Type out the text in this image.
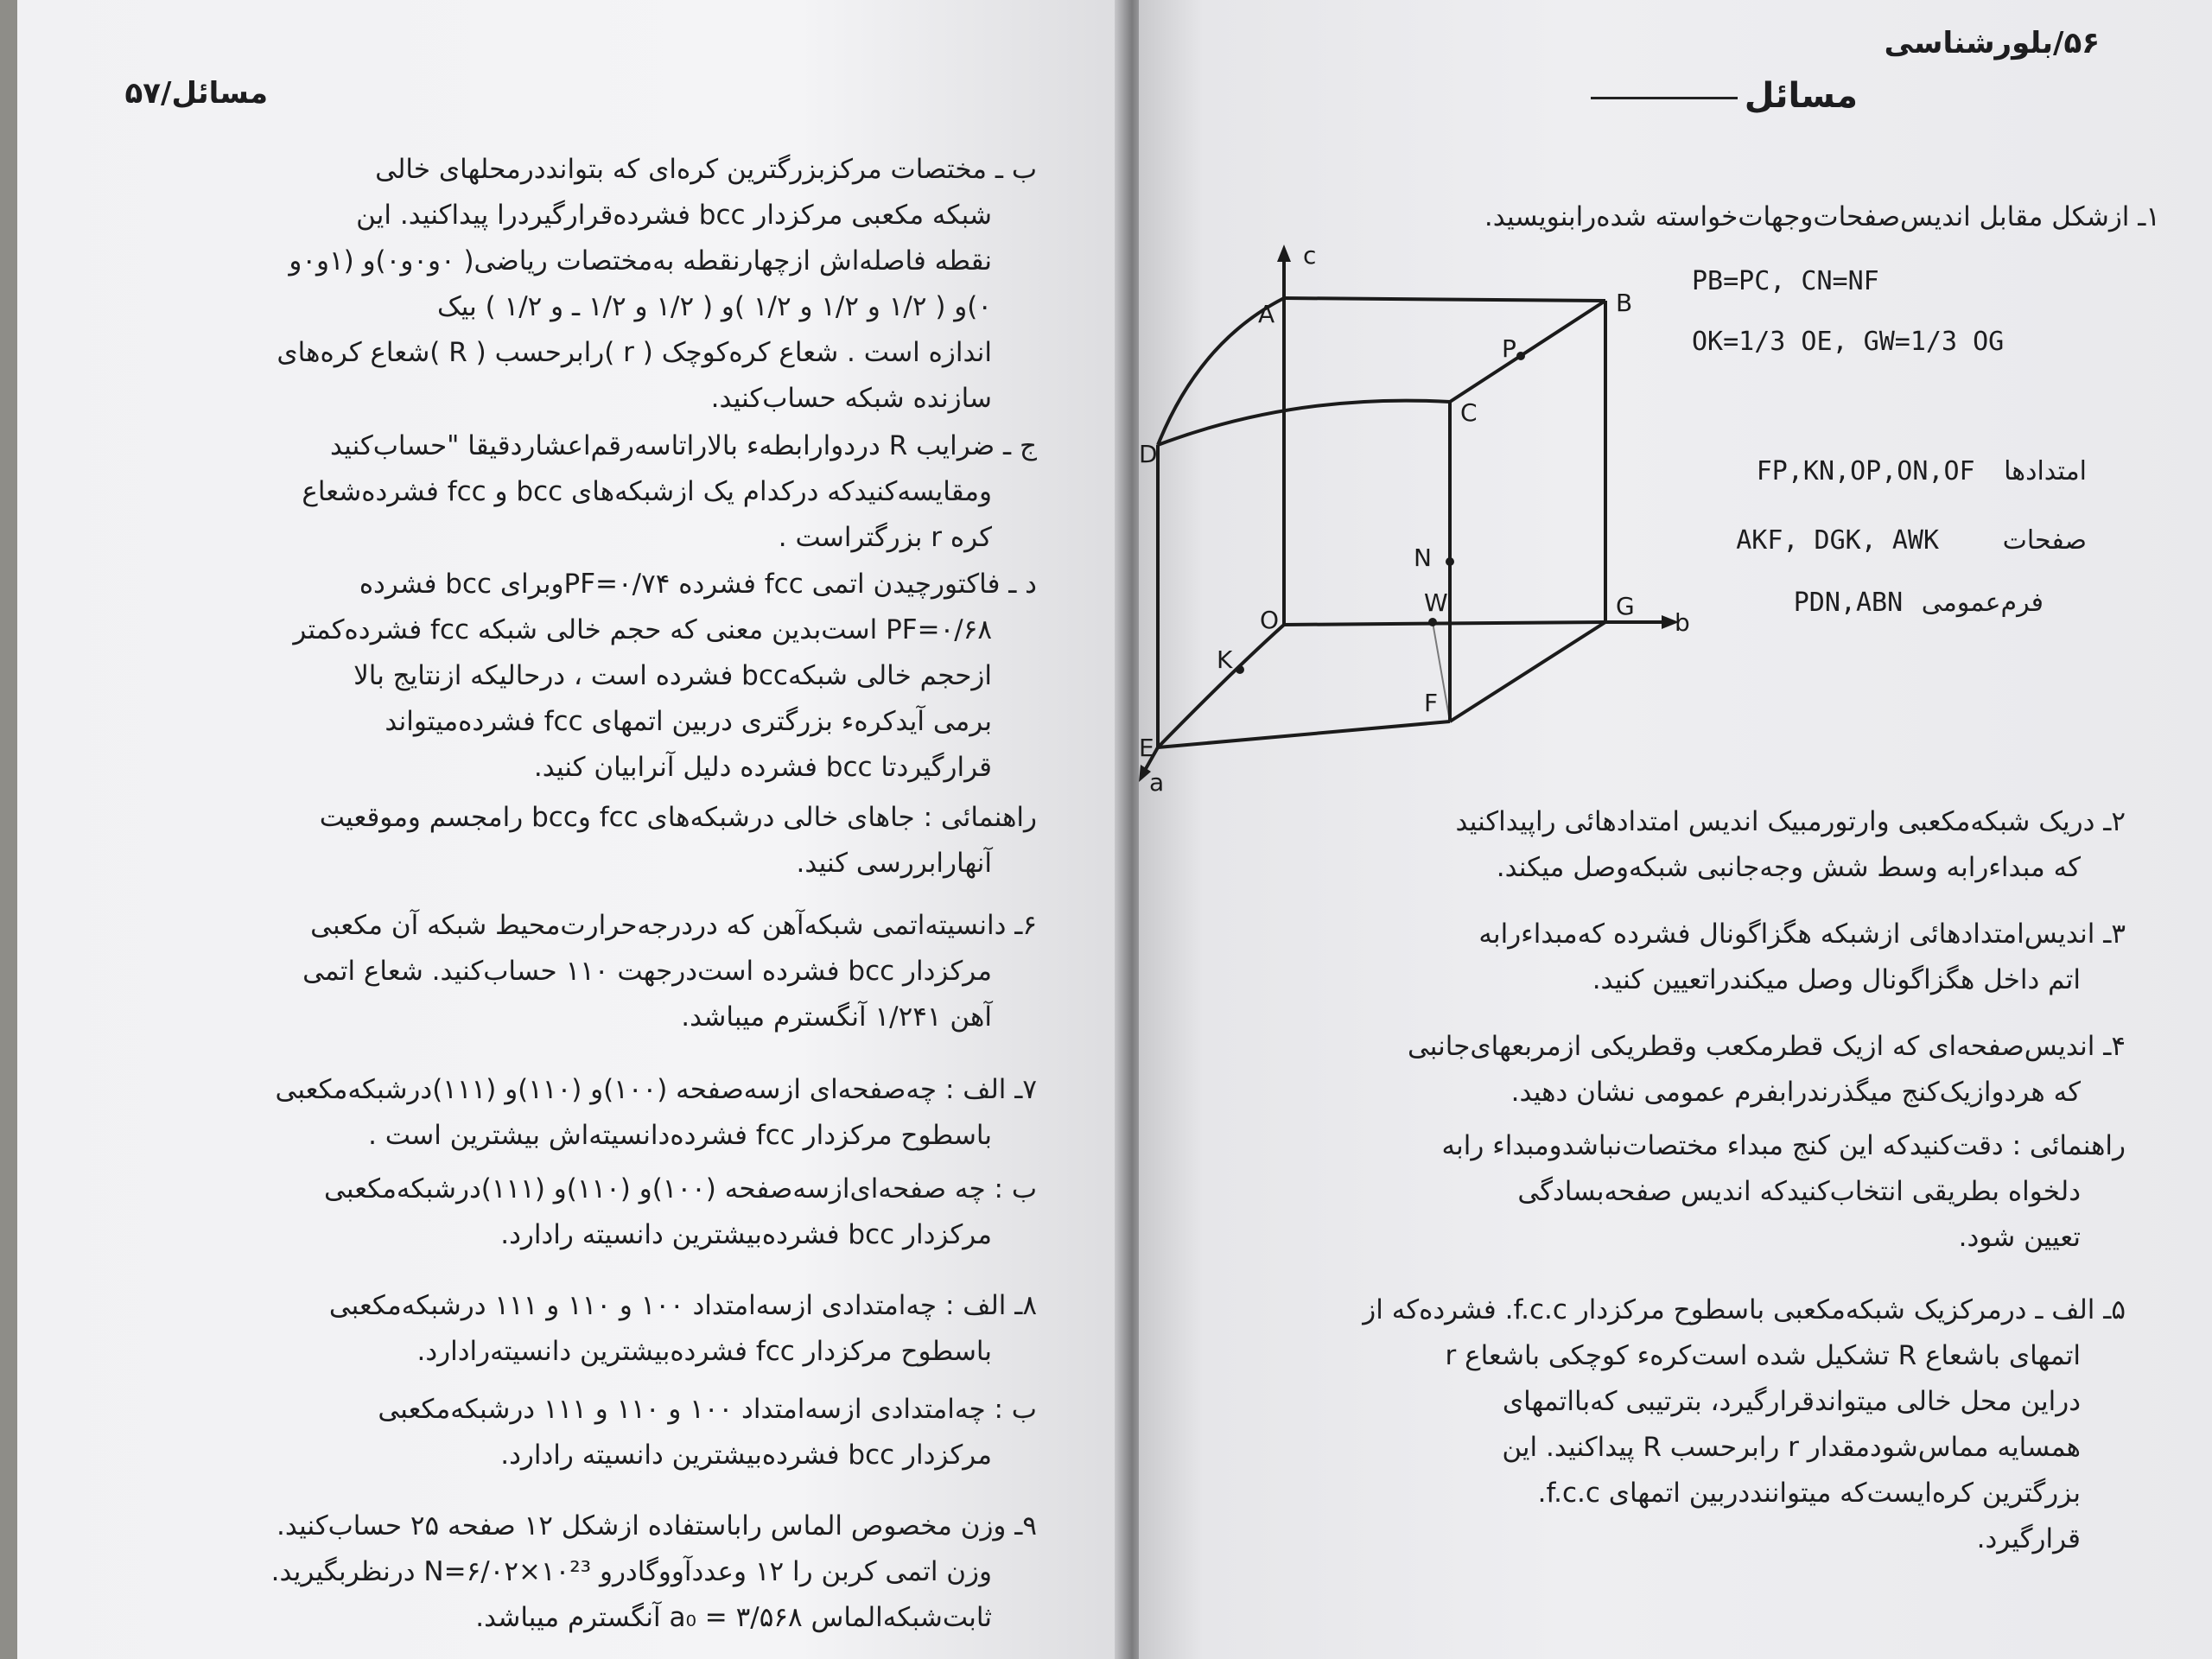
مسائل/۵۷
ب ـ مختصات مرکزبزرگترین کره‌ای که بتواندد‌رمحلهای خالی
شبکه مکعبی مرکزدار bcc فشرده‌قرارگیرد‌را پیداکنید. این
نقطه فاصله‌اش ازچهارنقطه به‌مختصات ریاضی( ۰و۰و۰)و (۱و۰و
۰)و ( ۱/۲ و ۱/۲ و ۱/۲ )و ( ۱/۲ و ۱/۲ ـ و ۱/۲ ) بیک
اندازه است . شعاع کره‌کوچک ( r )رابرحسب ( R )شعاع کره‌های
سازنده شبکه حساب‌کنید.
ج ـ ضرایب R درد‌وارابطه‌ء بالاراتاسه‌رقم‌اعشاردقیقا "حساب‌کنید
ومقایسه‌کنیدکه درکدام یک ازشبکه‌های bcc و fcc فشرده‌شعاع
کره r بزرگتراست .
د ـ فاکتورچیدن اتمی fcc فشرده PF=۰/۷۴وبرای bcc فشرده
PF=۰/۶۸ است‌بدین معنی که حجم خالی شبکه fcc فشرده‌کمتر
ازحجم خالی شبکه‌bcc فشرده است ، درحالیکه ازنتایج بالا
برمی آیدکره‌ء بزرگتری دربین اتمهای fcc فشرده‌میتواند
قرارگیردتا bcc فشرده دلیل آنرابیان کنید.
راهنمائی : جاهای خالی درشبکه‌های fcc وbcc رامجسم وموقعیت
آنهارابررسی کنید.
۶ـ دانسیته‌اتمی شبکه‌آهن که دردرجه‌حرارت‌محیط شبکه آن مکعبی
مرکزدار bcc فشرده است‌درجهت ۱۱۰ حساب‌کنید. شعاع اتمی
آهن ۱/۲۴۱ آنگسترم میباشد.
۷ـ الف : چه‌صفحه‌ای ازسه‌صفحه (۱۰۰)و (۱۱۰)و (۱۱۱)درشبکه‌مکعبی
باسطوح مرکزدار fcc فشرده‌دانسیته‌اش بیشترین است .
ب : چه صفحه‌ای‌ازسه‌صفحه (۱۰۰)و (۱۱۰)و (۱۱۱)درشبکه‌مکعبی
مرکزدار bcc فشرده‌بیشترین دانسیته رادارد.
۸ـ الف : چه‌امتدادی ازسه‌امتداد ۱۰۰ و ۱۱۰ و ۱۱۱ درشبکه‌مکعبی
باسطوح مرکزدار fcc فشرده‌بیشترین دانسیته‌رادارد.
ب : چه‌امتدادی ازسه‌امتداد ۱۰۰ و ۱۱۰ و ۱۱۱ درشبکه‌مکعبی
مرکزدار bcc فشرده‌بیشترین دانسیته رادارد.
۹ـ وزن مخصوص الماس راباستفاده ازشکل ۱۲ صفحه ۲۵ حساب‌کنید.
وزن اتمی کربن را ۱۲ وعددآووگادرو N=۶/۰۲×۱۰²³ درنظربگیرید.
ثابت‌شبکه‌الماس a₀ = ۳/۵۶۸ آنگسترم میباشد.
۵۶/بلورشناسی
مسائل
۱ـ ازشکل مقابل اندیس‌صفحات‌وجهات‌خواسته شده‌رابنویسید.
PB=PC, CN=NF
OK=1/3 OE, GW=1/3 OG
امتدادها FP,KN,OP,ON,OF
صفحات AKF, DGK, AWK
فرم‌عمومی PDN,ABN
۲ـ دریک شبکه‌مکعبی وارتورمبیک اندیس امتدادهائی راپیداکنید
که مبداءرابه وسط شش وجه‌جانبی شبکه‌وصل میکند.
۳ـ اندیس‌امتدادهائی ازشبکه هگزاگونال فشرده که‌مبداءرابه
اتم داخل هگزاگونال وصل میکندراتعیین کنید.
۴ـ اندیس‌صفحه‌ای که ازیک قطرمکعب وقطریکی ازمربعهای‌جانبی
که هردوازیک‌کنج میگذرندرابفرم عمومی نشان دهید.
راهنمائی : دقت‌کنیدکه این کنج مبداء مختصات‌نباشدومبداء رابه
دلخواه بطریقی انتخاب‌کنیدکه اندیس صفحه‌بسادگی
تعیین شود.
۵ـ الف ـ درمرکزیک شبکه‌مکعبی باسطوح مرکزدار f.c.c. فشرده‌که از
اتمهای باشعاع R تشکیل شده است‌کره‌ء کوچکی باشعاع r
دراین محل خالی میتواندقرارگیرد، بترتیبی که‌بااتمهای
همسایه مماس‌شودمقدار r رابرحسب R پیداکنید. این
بزرگترین کره‌ایست‌که میتواننددربین اتمهای f.c.c.
قرارگیرد.
c
A	B
P
C
D
N
O
W	G
b
K
F
E
a
